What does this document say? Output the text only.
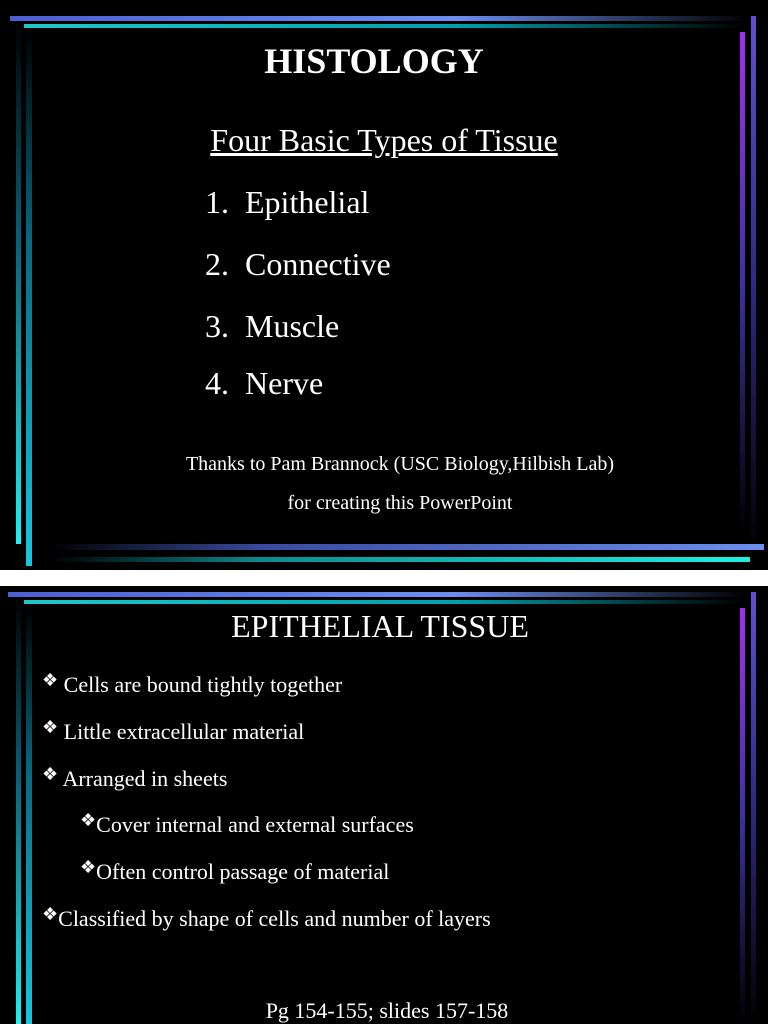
HISTOLOGY
Four Basic Types of Tissue
1. Epithelial
2. Connective
3. Muscle
4. Nerve
Thanks to Pam Brannock (USC Biology,Hilbish Lab)
for creating this PowerPoint
EPITHELIAL TISSUE
❖ Cells are bound tightly together
❖ Little extracellular material
❖ Arranged in sheets
❖Cover internal and external surfaces
❖Often control passage of material
❖Classified by shape of cells and number of layers
Pg 154-155; slides 157-158
